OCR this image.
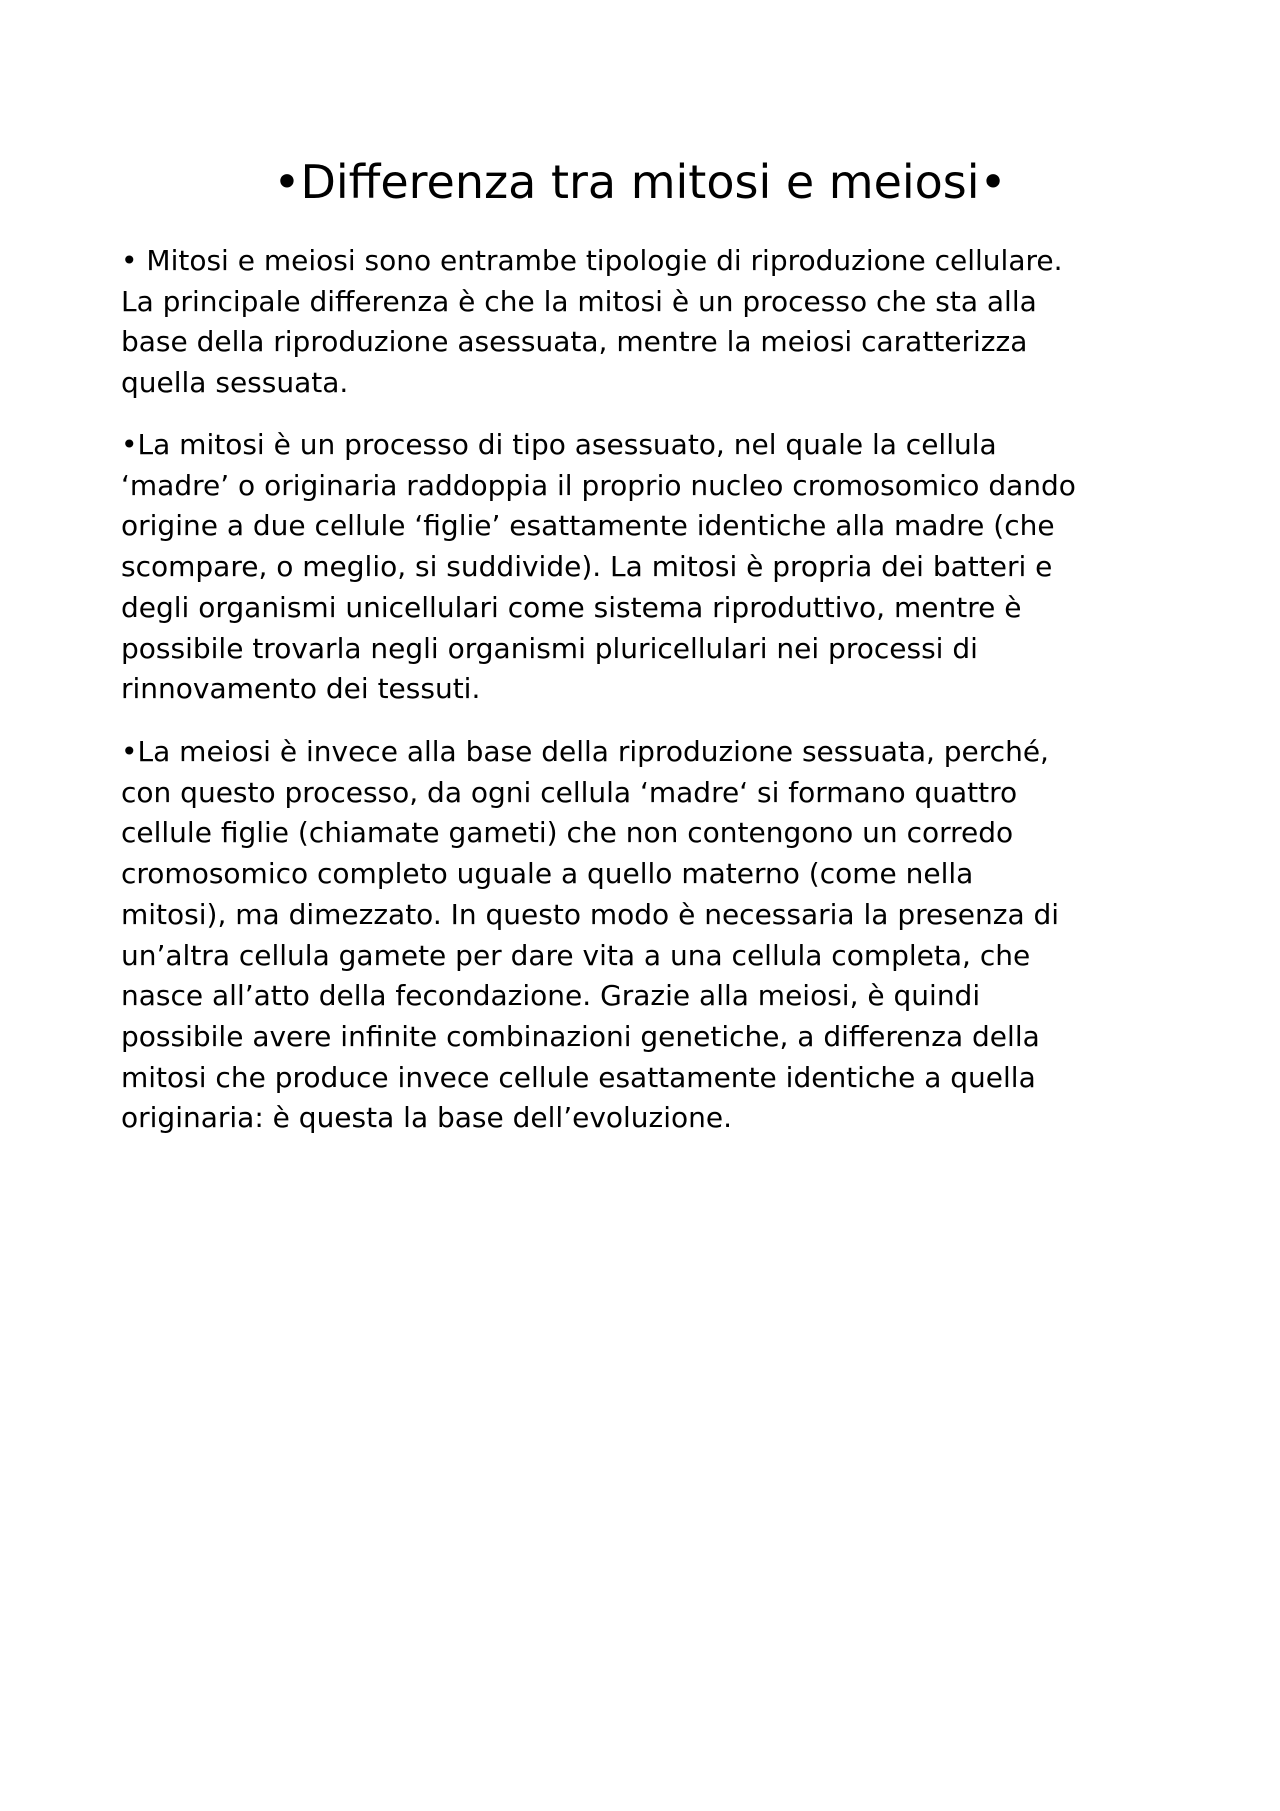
•Differenza tra mitosi e meiosi•

• Mitosi e meiosi sono entrambe tipologie di riproduzione cellulare.
La principale differenza è che la mitosi è un processo che sta alla
base della riproduzione asessuata, mentre la meiosi caratterizza
quella sessuata.

•La mitosi è un processo di tipo asessuato, nel quale la cellula
‘madre’ o originaria raddoppia il proprio nucleo cromosomico dando
origine a due cellule ‘figlie’ esattamente identiche alla madre (che
scompare, o meglio, si suddivide). La mitosi è propria dei batteri e
degli organismi unicellulari come sistema riproduttivo, mentre è
possibile trovarla negli organismi pluricellulari nei processi di
rinnovamento dei tessuti.

•La meiosi è invece alla base della riproduzione sessuata, perché,
con questo processo, da ogni cellula ‘madre‘ si formano quattro
cellule figlie (chiamate gameti) che non contengono un corredo
cromosomico completo uguale a quello materno (come nella
mitosi), ma dimezzato. In questo modo è necessaria la presenza di
un’altra cellula gamete per dare vita a una cellula completa, che
nasce all’atto della fecondazione. Grazie alla meiosi, è quindi
possibile avere infinite combinazioni genetiche, a differenza della
mitosi che produce invece cellule esattamente identiche a quella
originaria: è questa la base dell’evoluzione.
